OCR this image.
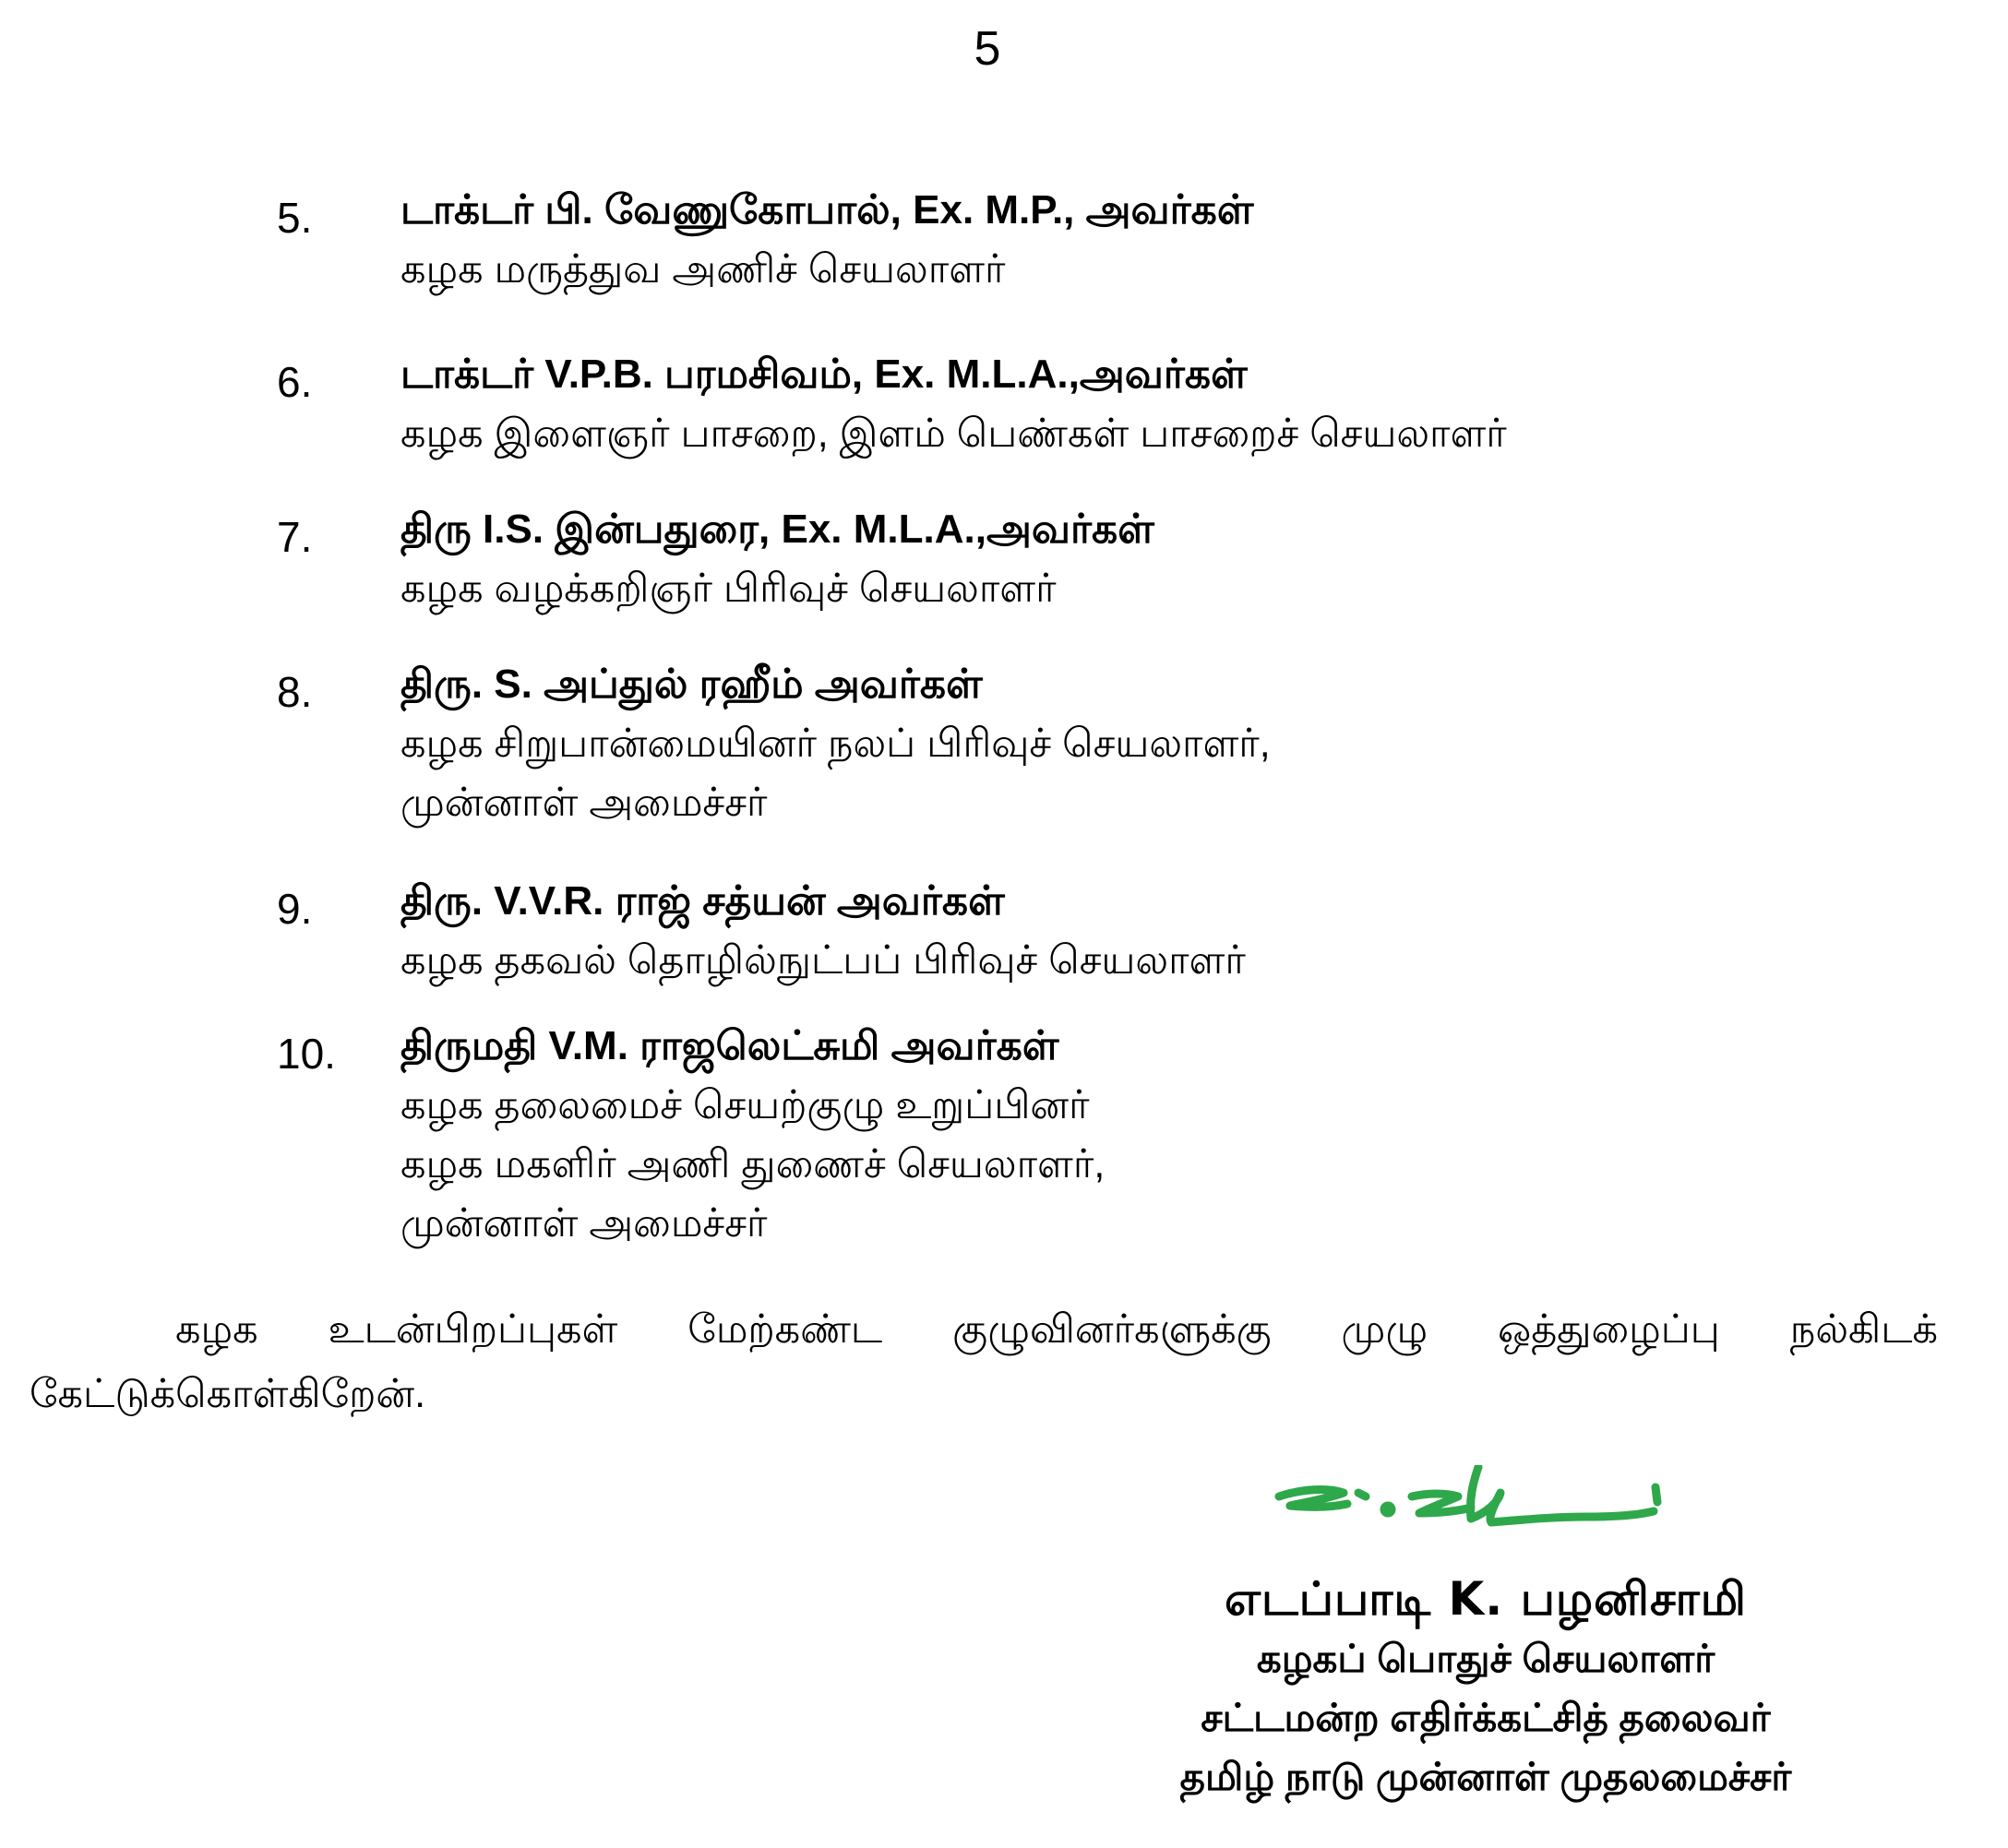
5
5. டாக்டர் பி. வேணுகோபால், Ex. M.P., அவர்கள்
கழக மருத்துவ அணிச் செயலாளர்
6. டாக்டர் V.P.B. பரமசிவம், Ex. M.L.A.,அவர்கள்
கழக இளைஞர் பாசறை, இளம் பெண்கள் பாசறைச் செயலாளர்
7. திரு I.S. இன்பதுரை, Ex. M.L.A.,அவர்கள்
கழக வழக்கறிஞர் பிரிவுச் செயலாளர்
8. திரு. S. அப்துல் ரஹீம் அவர்கள்
கழக சிறுபான்மையினர் நலப் பிரிவுச் செயலாளர்,
முன்னாள் அமைச்சர்
9. திரு. V.V.R. ராஜ் சத்யன் அவர்கள்
கழக தகவல் தொழில்நுட்பப் பிரிவுச் செயலாளர்
10. திருமதி V.M. ராஜலெட்சுமி அவர்கள்
கழக தலைமைச் செயற்குழு உறுப்பினர்
கழக மகளிர் அணி துணைச் செயலாளர்,
முன்னாள் அமைச்சர்
கழக உடன்பிறப்புகள் மேற்கண்ட குழுவினர்களுக்கு முழு ஒத்துழைப்பு நல்கிடக்
கேட்டுக்கொள்கிறேன்.
எடப்பாடி K. பழனிசாமி
கழகப் பொதுச் செயலாளர்
சட்டமன்ற எதிர்க்கட்சித் தலைவர்
தமிழ் நாடு முன்னாள் முதலமைச்சர்
